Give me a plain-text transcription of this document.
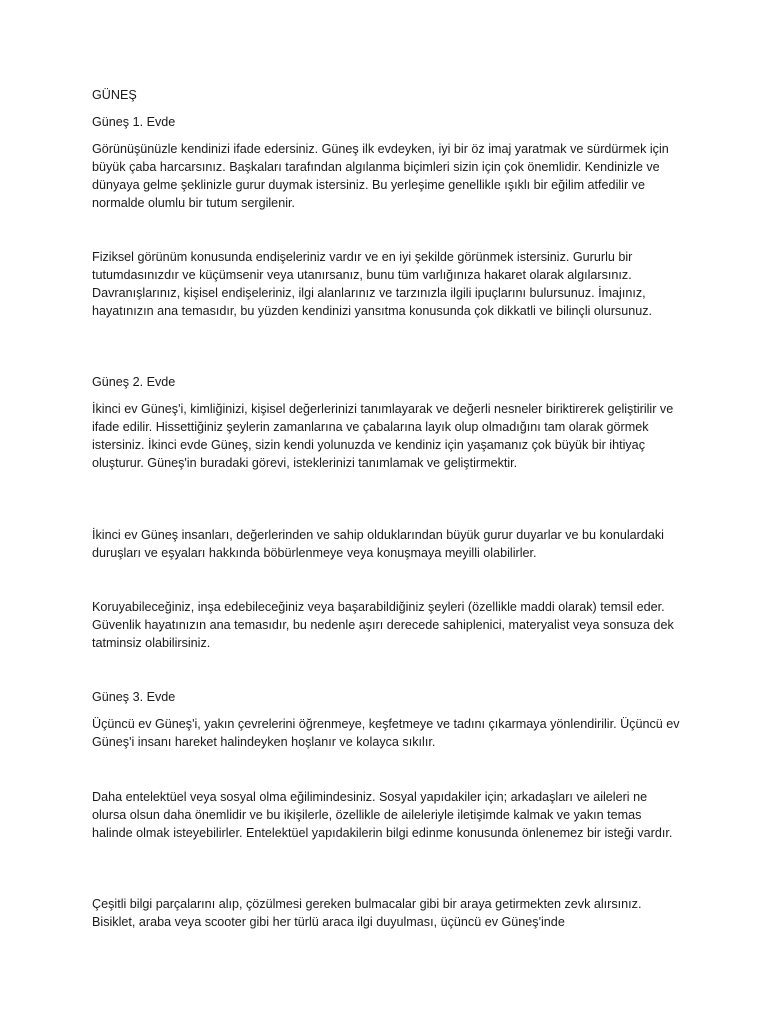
GÜNEŞ

Güneş 1. Evde

Görünüşünüzle kendinizi ifade edersiniz. Güneş ilk evdeyken, iyi bir öz imaj yaratmak ve sürdürmek için büyük çaba harcarsınız. Başkaları tarafından algılanma biçimleri sizin için çok önemlidir. Kendinizle ve dünyaya gelme şeklinizle gurur duymak istersiniz. Bu yerleşime genellikle ışıklı bir eğilim atfedilir ve normalde olumlu bir tutum sergilenir.

Fiziksel görünüm konusunda endişeleriniz vardır ve en iyi şekilde görünmek istersiniz. Gururlu bir tutumdasınızdır ve küçümsenir veya utanırsanız, bunu tüm varlığınıza hakaret olarak algılarsınız. Davranışlarınız, kişisel endişeleriniz, ilgi alanlarınız ve tarzınızla ilgili ipuçlarını bulursunuz. İmajınız, hayatınızın ana temasıdır, bu yüzden kendinizi yansıtma konusunda çok dikkatli ve bilinçli olursunuz.

Güneş 2. Evde

İkinci ev Güneş'i, kimliğinizi, kişisel değerlerinizi tanımlayarak ve değerli nesneler biriktirerek geliştirilir ve ifade edilir. Hissettiğiniz şeylerin zamanlarına ve çabalarına layık olup olmadığını tam olarak görmek istersiniz. İkinci evde Güneş, sizin kendi yolunuzda ve kendiniz için yaşamanız çok büyük bir ihtiyaç oluşturur. Güneş'in buradaki görevi, isteklerinizi tanımlamak ve geliştirmektir.

İkinci ev Güneş insanları, değerlerinden ve sahip olduklarından büyük gurur duyarlar ve bu konulardaki duruşları ve eşyaları hakkında böbürlenmeye veya konuşmaya meyilli olabilirler.

Koruyabileceğiniz, inşa edebileceğiniz veya başarabildiğiniz şeyleri (özellikle maddi olarak) temsil eder. Güvenlik hayatınızın ana temasıdır, bu nedenle aşırı derecede sahiplenici, materyalist veya sonsuza dek tatminsiz olabilirsiniz.

Güneş 3. Evde

Üçüncü ev Güneş'i, yakın çevrelerini öğrenmeye, keşfetmeye ve tadını çıkarmaya yönlendirilir. Üçüncü ev Güneş'i insanı hareket halindeyken hoşlanır ve kolayca sıkılır.

Daha entelektüel veya sosyal olma eğilimindesiniz. Sosyal yapıdakiler için; arkadaşları ve aileleri ne olursa olsun daha önemlidir ve bu ikişilerle, özellikle de aileleriyle iletişimde kalmak ve yakın temas halinde olmak isteyebilirler. Entelektüel yapıdakilerin bilgi edinme konusunda önlenemez bir isteği vardır.

Çeşitli bilgi parçalarını alıp, çözülmesi gereken bulmacalar gibi bir araya getirmekten zevk alırsınız. Bisiklet, araba veya scooter gibi her türlü araca ilgi duyulması, üçüncü ev Güneş'inde
